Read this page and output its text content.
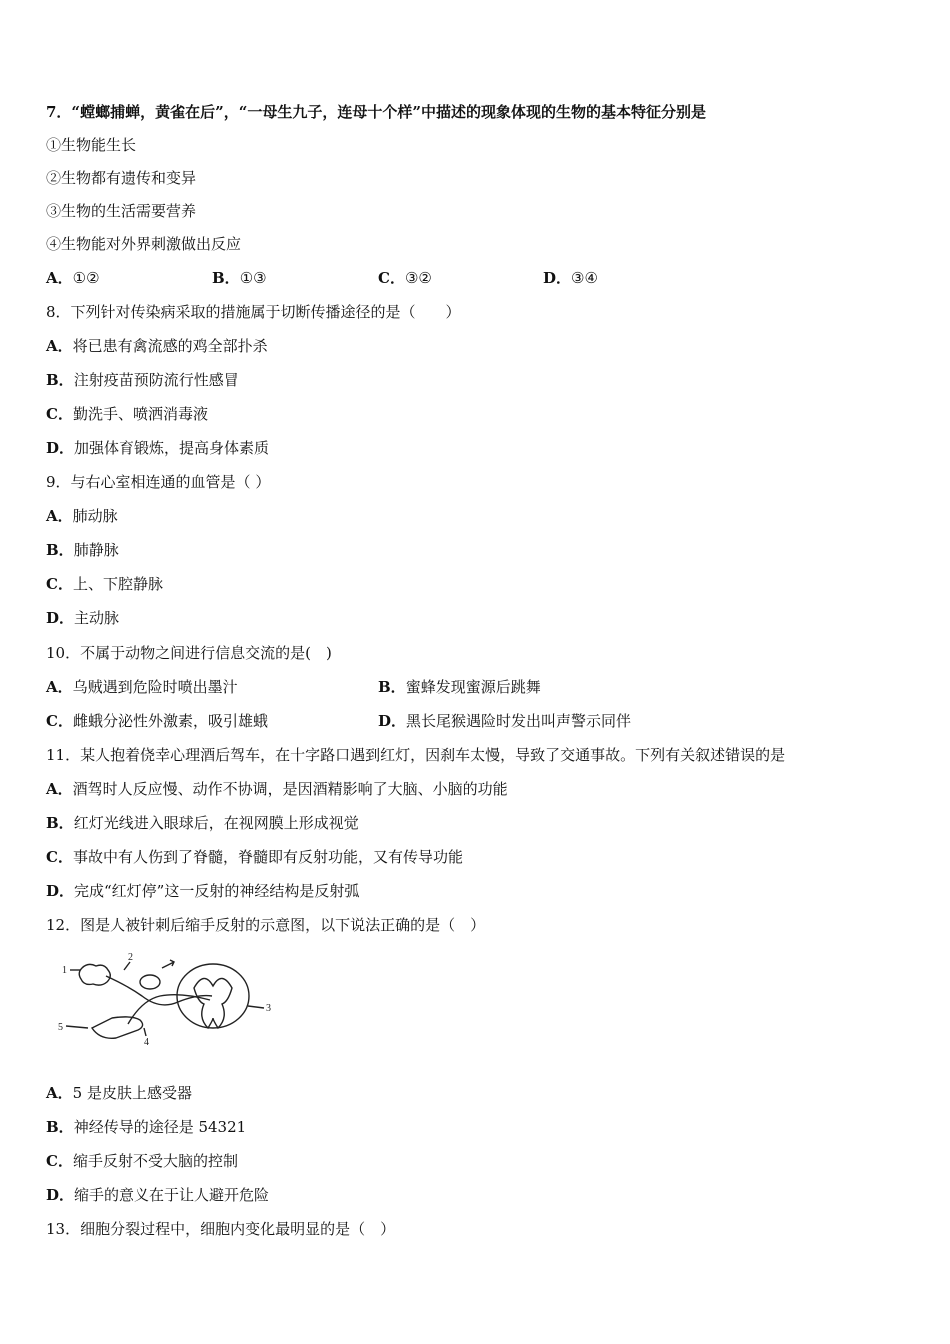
7．“螳螂捕蝉，黄雀在后”，“一母生九子，连母十个样”中描述的现象体现的生物的基本特征分别是
①生物能生长
②生物都有遗传和变异
③生物的生活需要营养
④生物能对外界刺激做出反应
A．①②	B．①③	C．③②	D．③④
8．下列针对传染病采取的措施属于切断传播途径的是（　　）
A．将已患有禽流感的鸡全部扑杀
B．注射疫苗预防流行性感冒
C．勤洗手、喷洒消毒液
D．加强体育锻炼，提高身体素质
9．与右心室相连通的血管是（ ）
A．肺动脉
B．肺静脉
C．上、下腔静脉
D．主动脉
10．不属于动物之间进行信息交流的是(　)
A．乌贼遇到危险时喷出墨汁	B．蜜蜂发现蜜源后跳舞
C．雌蛾分泌性外激素，吸引雄蛾	D．黑长尾猴遇险时发出叫声警示同伴
11．某人抱着侥幸心理酒后驾车，在十字路口遇到红灯，因刹车太慢，导致了交通事故。下列有关叙述错误的是
A．酒驾时人反应慢、动作不协调，是因酒精影响了大脑、小脑的功能
B．红灯光线进入眼球后，在视网膜上形成视觉
C．事故中有人伤到了脊髓，脊髓即有反射功能，又有传导功能
D．完成“红灯停”这一反射的神经结构是反射弧
12．图是人被针刺后缩手反射的示意图，以下说法正确的是（　）
1
2
3
4
5
A．5 是皮肤上感受器
B．神经传导的途径是 54321
C．缩手反射不受大脑的控制
D．缩手的意义在于让人避开危险
13．细胞分裂过程中，细胞内变化最明显的是（　）
